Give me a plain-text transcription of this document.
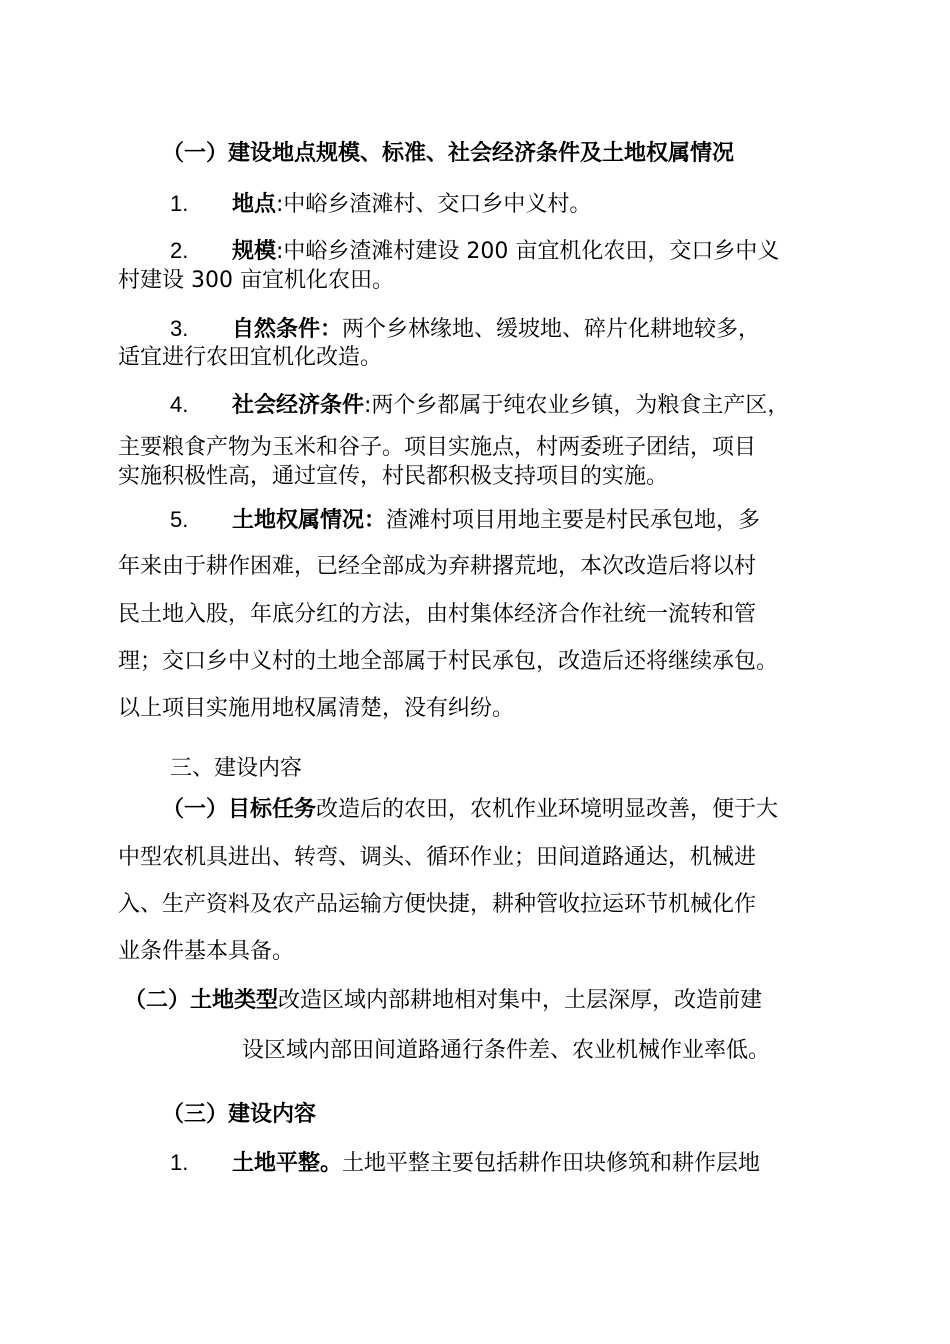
（一）建设地点规模、标准、社会经济条件及土地权属情况
1. 地点:中峪乡渣滩村、交口乡中义村。
2. 规模:中峪乡渣滩村建设 200 亩宜机化农田，交口乡中义
村建设 300 亩宜机化农田。
3. 自然条件：两个乡林缘地、缓坡地、碎片化耕地较多，
适宜进行农田宜机化改造。
4. 社会经济条件:两个乡都属于纯农业乡镇，为粮食主产区，
主要粮食产物为玉米和谷子。项目实施点，村两委班子团结，项目
实施积极性高，通过宣传，村民都积极支持项目的实施。
5. 土地权属情况：渣滩村项目用地主要是村民承包地，多
年来由于耕作困难，已经全部成为弃耕撂荒地，本次改造后将以村
民土地入股，年底分红的方法，由村集体经济合作社统一流转和管
理；交口乡中义村的土地全部属于村民承包，改造后还将继续承包。
以上项目实施用地权属清楚，没有纠纷。
三、建设内容
（一）目标任务改造后的农田，农机作业环境明显改善，便于大
中型农机具进出、转弯、调头、循环作业；田间道路通达，机械进
入、生产资料及农产品运输方便快捷，耕种管收拉运环节机械化作
业条件基本具备。
（二）土地类型改造区域内部耕地相对集中，土层深厚，改造前建
设区域内部田间道路通行条件差、农业机械作业率低。
（三）建设内容
1. 土地平整。土地平整主要包括耕作田块修筑和耕作层地
